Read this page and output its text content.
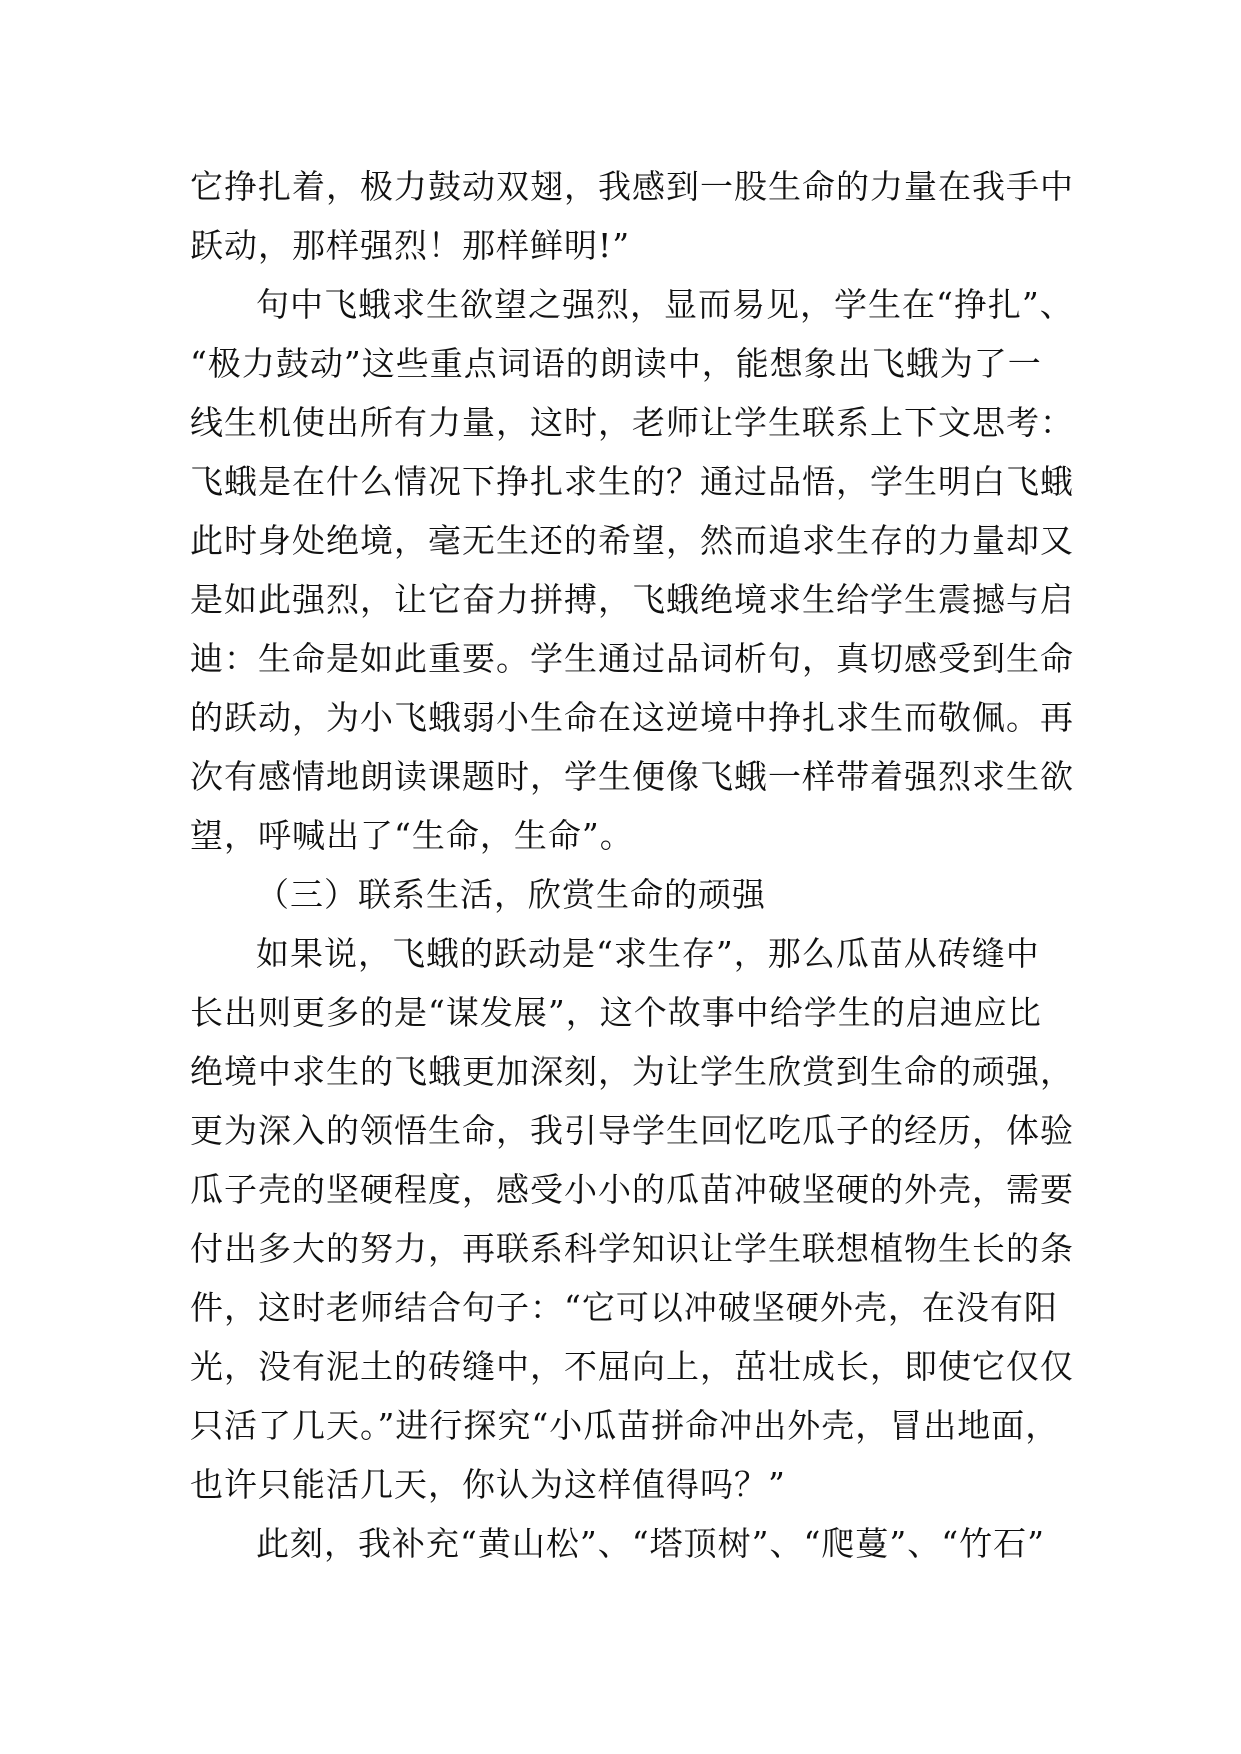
它挣扎着，极力鼓动双翅，我感到一股生命的力量在我手中
跃动，那样强烈！那样鲜明!”
句中飞蛾求生欲望之强烈，显而易见，学生在“挣扎”、
“极力鼓动”这些重点词语的朗读中，能想象出飞蛾为了一
线生机使出所有力量，这时，老师让学生联系上下文思考：
飞蛾是在什么情况下挣扎求生的？通过品悟，学生明白飞蛾
此时身处绝境，毫无生还的希望，然而追求生存的力量却又
是如此强烈，让它奋力拼搏，飞蛾绝境求生给学生震撼与启
迪：生命是如此重要。学生通过品词析句，真切感受到生命
的跃动，为小飞蛾弱小生命在这逆境中挣扎求生而敬佩。再
次有感情地朗读课题时，学生便像飞蛾一样带着强烈求生欲
望，呼喊出了“生命，生命”。
（三）联系生活，欣赏生命的顽强
如果说，飞蛾的跃动是“求生存”，那么瓜苗从砖缝中
长出则更多的是“谋发展”，这个故事中给学生的启迪应比
绝境中求生的飞蛾更加深刻，为让学生欣赏到生命的顽强，
更为深入的领悟生命，我引导学生回忆吃瓜子的经历，体验
瓜子壳的坚硬程度，感受小小的瓜苗冲破坚硬的外壳，需要
付出多大的努力，再联系科学知识让学生联想植物生长的条
件，这时老师结合句子：“它可以冲破坚硬外壳，在没有阳
光，没有泥土的砖缝中，不屈向上，茁壮成长，即使它仅仅
只活了几天。”进行探究“小瓜苗拼命冲出外壳，冒出地面，
也许只能活几天，你认为这样值得吗？”
此刻，我补充“黄山松”、“塔顶树”、“爬蔓”、“竹石”
